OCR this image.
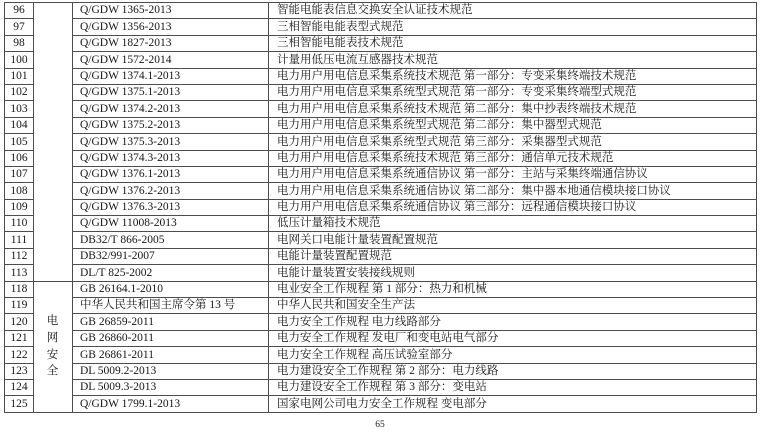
96		Q/GDW 1365-2013	智能电能表信息交换安全认证技术规范
97		Q/GDW 1356-2013	三相智能电能表型式规范
98		Q/GDW 1827-2013	三相智能电能表技术规范
100		Q/GDW 1572-2014	计量用低压电流互感器技术规范
101		Q/GDW 1374.1-2013	电力用户用电信息采集系统技术规范 第一部分：专变采集终端技术规范
102		Q/GDW 1375.1-2013	电力用户用电信息采集系统型式规范 第一部分：专变采集终端型式规范
103		Q/GDW 1374.2-2013	电力用户用电信息采集系统技术规范 第二部分：集中抄表终端技术规范
104		Q/GDW 1375.2-2013	电力用户用电信息采集系统型式规范 第二部分：集中器型式规范
105		Q/GDW 1375.3-2013	电力用户用电信息采集系统型式规范 第三部分：采集器型式规范
106		Q/GDW 1374.3-2013	电力用户用电信息采集系统技术规范 第三部分：通信单元技术规范
107		Q/GDW 1376.1-2013	电力用户用电信息采集系统通信协议 第一部分：主站与采集终端通信协议
108		Q/GDW 1376.2-2013	电力用户用电信息采集系统通信协议 第二部分：集中器本地通信模块接口协议
109		Q/GDW 1376.3-2013	电力用户用电信息采集系统通信协议 第三部分：远程通信模块接口协议
110		Q/GDW 11008-2013	低压计量箱技术规范
111		DB32/T 866-2005	电网关口电能计量装置配置规范
112		DB32/991-2007	电能计量装置配置规范
113		DL/T 825-2002	电能计量装置安装接线规则
118	电网安全	GB 26164.1-2010	电业安全工作规程 第 1 部分：热力和机械
119		中华人民共和国主席令第 13 号	中华人民共和国安全生产法
120		GB 26859-2011	电力安全工作规程 电力线路部分
121		GB 26860-2011	电力安全工作规程 发电厂和变电站电气部分
122		GB 26861-2011	电力安全工作规程 高压试验室部分
123		DL 5009.2-2013	电力建设安全工作规程 第 2 部分：电力线路
124		DL 5009.3-2013	电力建设安全工作规程 第 3 部分：变电站
125		Q/GDW 1799.1-2013	国家电网公司电力安全工作规程 变电部分
65
